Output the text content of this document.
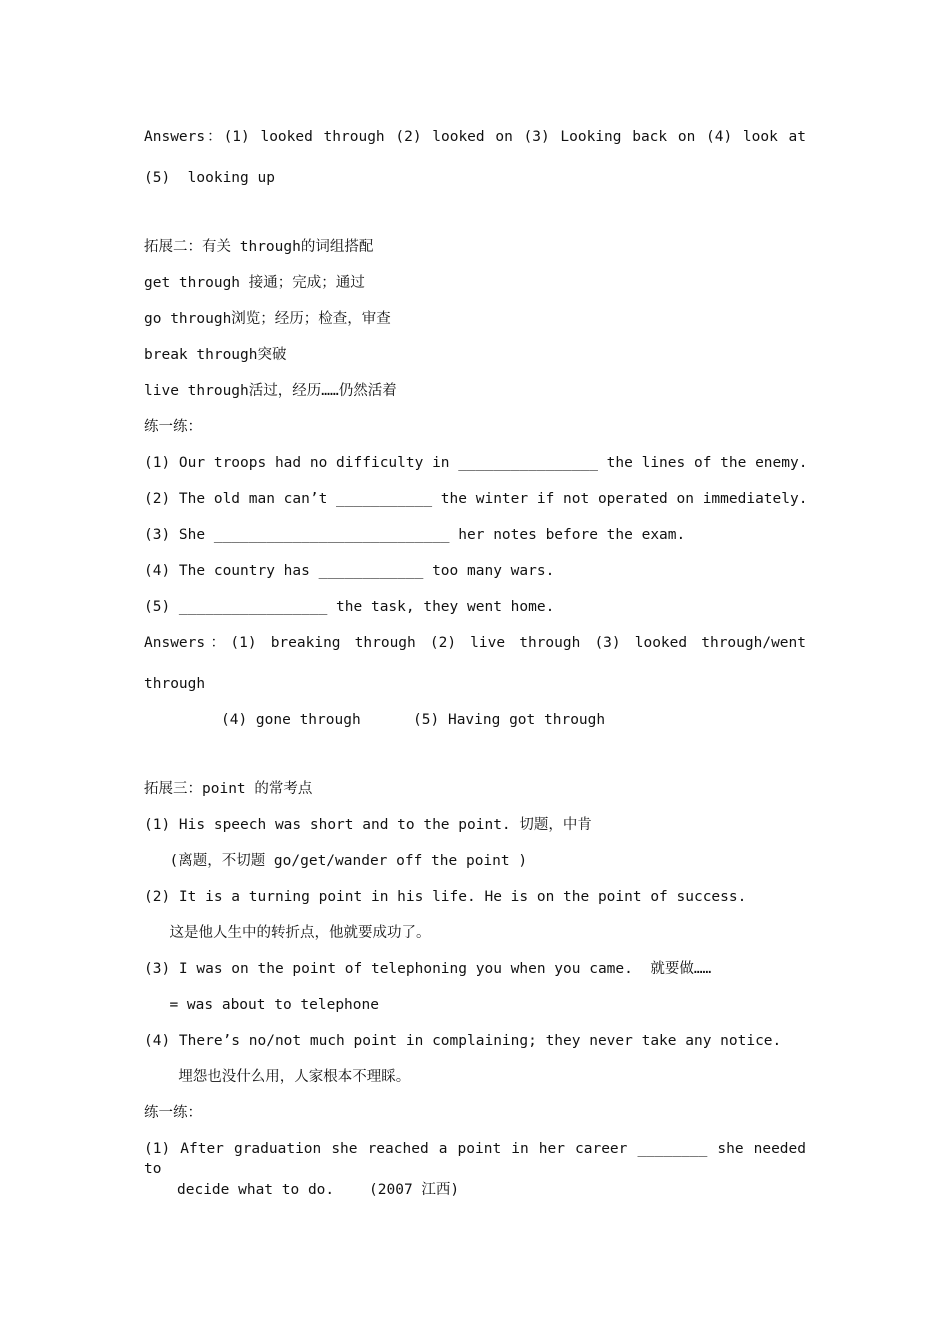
Answers：(1) looked through (2) looked on (3) Looking back on (4) look at
(5)  looking up
拓展二：有关 through的词组搭配
get through 接通；完成；通过
go through浏览；经历；检查，审查
break through突破
live through活过，经历……仍然活着
练一练：
(1) Our troops had no difficulty in ________________ the lines of the enemy.
(2) The old man can’t ___________ the winter if not operated on immediately.
(3) She ___________________________ her notes before the exam.
(4) The country has ____________ too many wars.
(5) _________________ the task, they went home.
Answers：(1) breaking through (2) live through (3) looked through/went
through
(4) gone through      (5) Having got through
拓展三：point 的常考点
(1) His speech was short and to the point. 切题，中肯
(离题，不切题 go/get/wander off the point )
(2) It is a turning point in his life. He is on the point of success.
这是他人生中的转折点，他就要成功了。
(3) I was on the point of telephoning you when you came.  就要做……
= was about to telephone
(4) There’s no/not much point in complaining; they never take any notice.
埋怨也没什么用，人家根本不理睬。
练一练：
(1) After graduation she reached a point in her career ________ she needed to
decide what to do.    (2007 江西)
